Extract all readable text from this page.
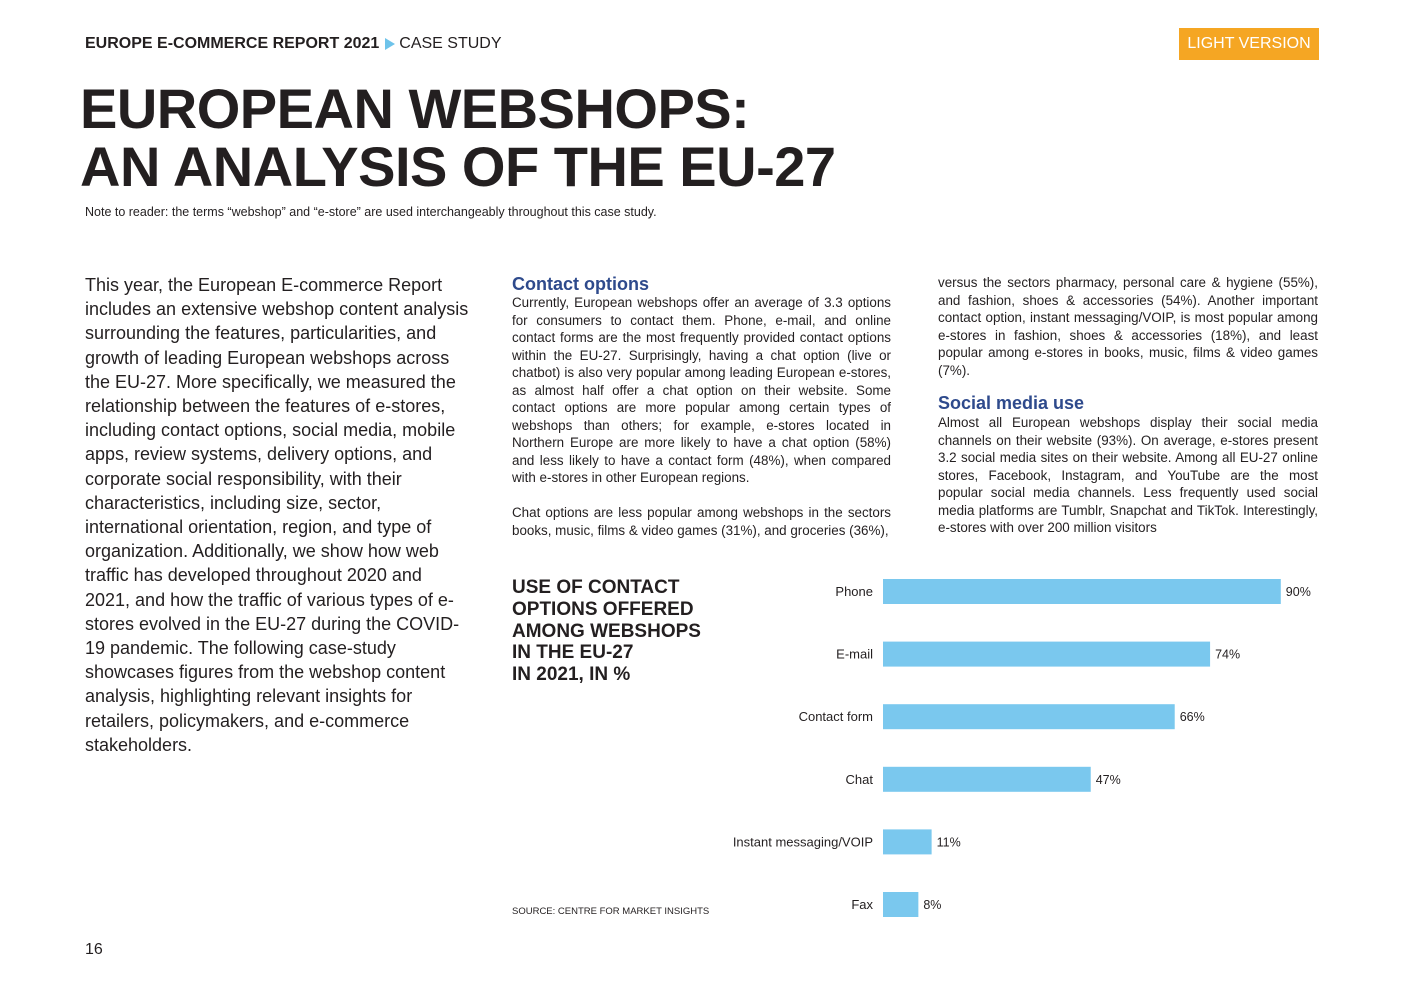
EUROPE E-COMMERCE REPORT 2021 CASE STUDY	LIGHT VERSION
EUROPEAN WEBSHOPS:
AN ANALYSIS OF THE EU-27
Note to reader: the terms “webshop” and “e-store” are used interchangeably throughout this case study.

This year, the European E-commerce Report includes an extensive webshop content analysis surrounding the features, particularities, and growth of leading European webshops across the EU-27. More specifically, we measured the relationship between the features of e-stores, including contact options, social media, mobile apps, review systems, delivery options, and corporate social responsibility, with their characteristics, including size, sector, international orientation, region, and type of organization. Additionally, we show how web traffic has developed throughout 2020 and 2021, and how the traffic of various types of e-stores evolved in the EU-27 during the COVID-19 pandemic. The following case-study showcases figures from the webshop content analysis, highlighting relevant insights for retailers, policymakers, and e-commerce stakeholders.

Contact options

Currently, European webshops offer an average of 3.3 options for consumers to contact them. Phone, e-mail, and online contact forms are the most frequently provided contact options within the EU-27. Surprisingly, having a chat option (live or chatbot) is also very popular among leading European e-stores, as almost half offer a chat option on their website. Some contact options are more popular among certain types of webshops than others; for example, e-stores located in Northern Europe are more likely to have a chat option (58%) and less likely to have a contact form (48%), when compared with e-stores in other European regions.

Chat options are less popular among webshops in the sectors books, music, films & video games (31%), and groceries (36%),

versus the sectors pharmacy, personal care & hygiene (55%), and fashion, shoes & accessories (54%). Another important contact option, instant messaging/VOIP, is most popular among e-stores in fashion, shoes & accessories (18%), and least popular among e-stores in books, music, films & video games (7%).

Social media use

Almost all European webshops display their social media channels on their website (93%). On average, e-stores present 3.2 social media sites on their website. Among all EU-27 online stores, Facebook, Instagram, and YouTube are the most popular social media channels. Less frequently used social media platforms are Tumblr, Snapchat and TikTok. Interestingly, e-stores with over 200 million visitors

USE OF CONTACT
OPTIONS OFFERED
AMONG WEBSHOPS
IN THE EU-27
IN 2021, IN %
Phone	90%
E-mail	74%
Contact form	66%
Chat	47%
Instant messaging/VOIP	11%
Fax	8%
SOURCE: CENTRE FOR MARKET INSIGHTS
16
